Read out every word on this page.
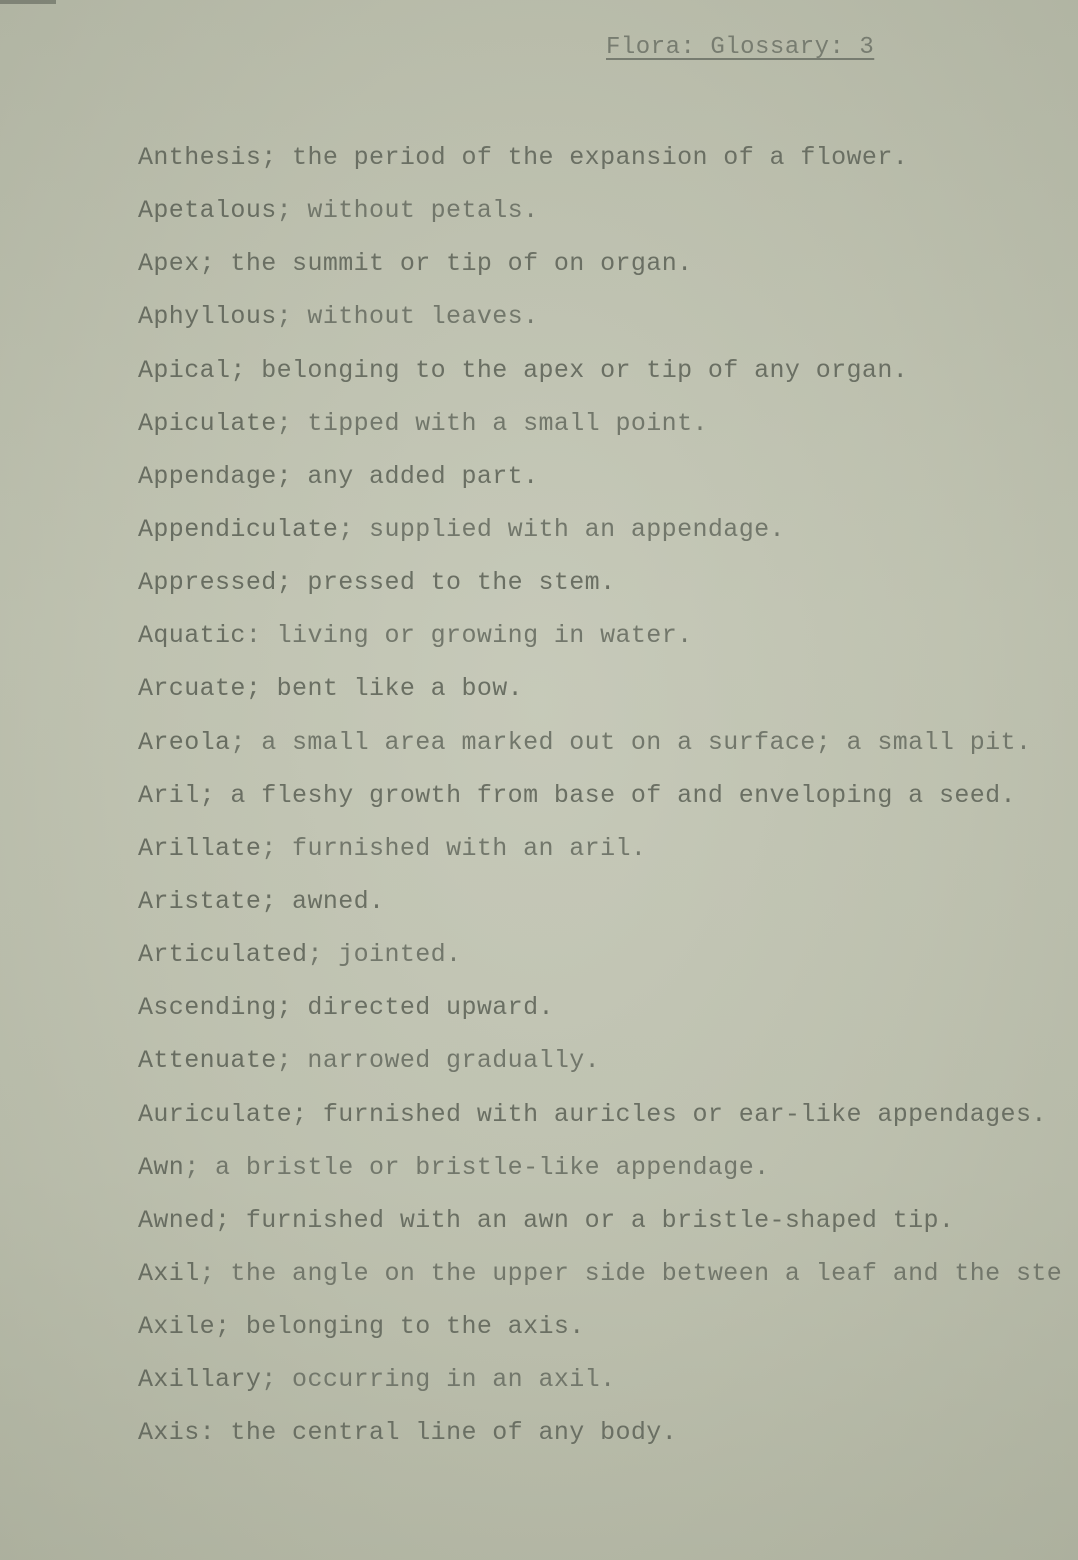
Flora: Glossary: 3
Anthesis; the period of the expansion of a flower.
Apetalous; without petals.
Apex; the summit or tip of on organ.
Aphyllous; without leaves.
Apical; belonging to the apex or tip of any organ.
Apiculate; tipped with a small point.
Appendage; any added part.
Appendiculate; supplied with an appendage.
Appressed; pressed to the stem.
Aquatic: living or growing in water.
Arcuate; bent like a bow.
Areola; a small area marked out on a surface; a small pit.
Aril; a fleshy growth from base of and enveloping a seed.
Arillate; furnished with an aril.
Aristate; awned.
Articulated; jointed.
Ascending; directed upward.
Attenuate; narrowed gradually.
Auriculate; furnished with auricles or ear-like appendages.
Awn; a bristle or bristle-like appendage.
Awned; furnished with an awn or a bristle-shaped tip.
Axil; the angle on the upper side between a leaf and the ste
Axile; belonging to the axis.
Axillary; occurring in an axil.
Axis: the central line of any body.
